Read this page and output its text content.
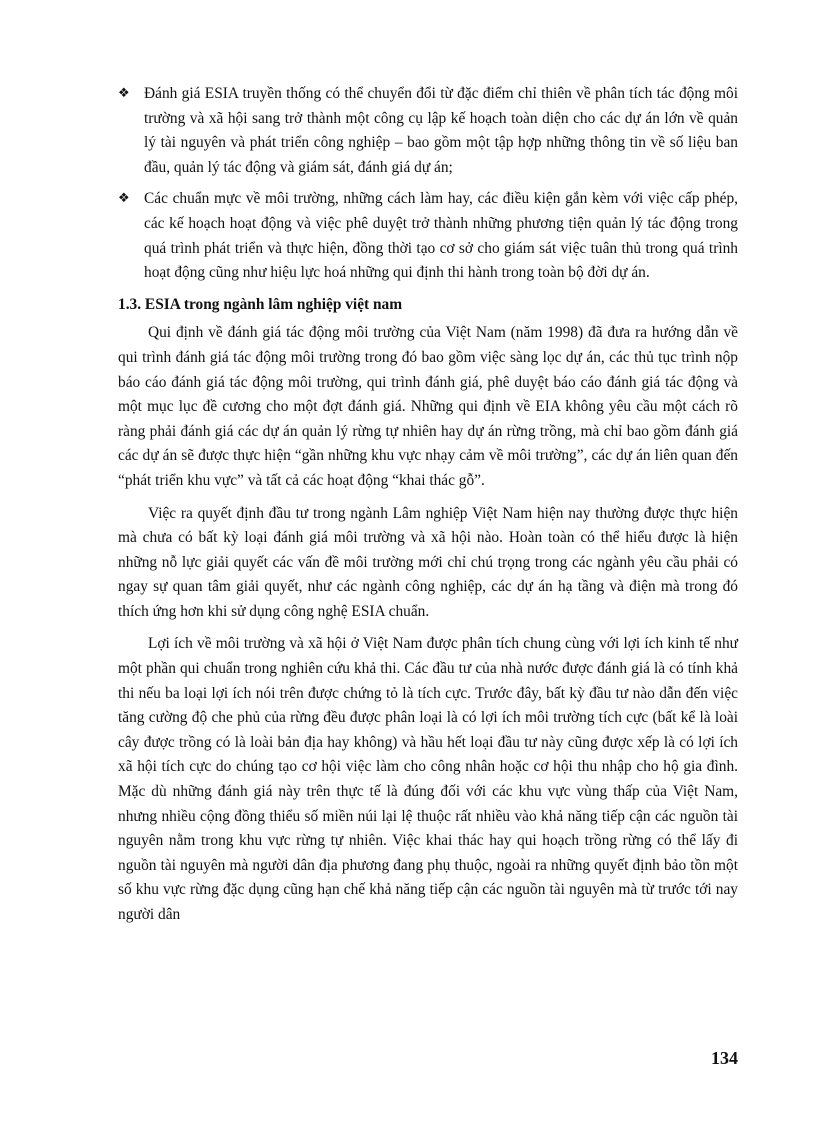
❖ Đánh giá ESIA truyền thống có thể chuyển đổi từ đặc điểm chỉ thiên về phân tích tác động môi trường và xã hội sang trở thành một công cụ lập kế hoạch toàn diện cho các dự án lớn về quản lý tài nguyên và phát triển công nghiệp – bao gồm một tập hợp những thông tin về số liệu ban đầu, quản lý tác động và giám sát, đánh giá dự án;
❖ Các chuẩn mực về môi trường, những cách làm hay, các điều kiện gắn kèm với việc cấp phép, các kế hoạch hoạt động và việc phê duyệt trở thành những phương tiện quản lý tác động trong quá trình phát triển và thực hiện, đồng thời tạo cơ sở cho giám sát việc tuân thủ trong quá trình hoạt động cũng như hiệu lực hoá những qui định thi hành trong toàn bộ đời dự án.
1.3. ESIA trong ngành lâm nghiệp việt nam

Qui định về đánh giá tác động môi trường của Việt Nam (năm 1998) đã đưa ra hướng dẫn về qui trình đánh giá tác động môi trường trong đó bao gồm việc sàng lọc dự án, các thủ tục trình nộp báo cáo đánh giá tác động môi trường, qui trình đánh giá, phê duyệt báo cáo đánh giá tác động và một mục lục đề cương cho một đợt đánh giá. Những qui định về EIA không yêu cầu một cách rõ ràng phải đánh giá các dự án quản lý rừng tự nhiên hay dự án rừng trồng, mà chỉ bao gồm đánh giá các dự án sẽ được thực hiện “gần những khu vực nhạy cảm về môi trường”, các dự án liên quan đến “phát triển khu vực” và tất cả các hoạt động “khai thác gỗ”.

Việc ra quyết định đầu tư trong ngành Lâm nghiệp Việt Nam hiện nay thường được thực hiện mà chưa có bất kỳ loại đánh giá môi trường và xã hội nào. Hoàn toàn có thể hiểu được là hiện những nỗ lực giải quyết các vấn đề môi trường mới chỉ chú trọng trong các ngành yêu cầu phải có ngay sự quan tâm giải quyết, như các ngành công nghiệp, các dự án hạ tầng và điện mà trong đó thích ứng hơn khi sử dụng công nghệ ESIA chuẩn.

Lợi ích về môi trường và xã hội ở Việt Nam được phân tích chung cùng với lợi ích kinh tế như một phần qui chuẩn trong nghiên cứu khả thi. Các đầu tư của nhà nước được đánh giá là có tính khả thi nếu ba loại lợi ích nói trên được chứng tỏ là tích cực. Trước đây, bất kỳ đầu tư nào dẫn đến việc tăng cường độ che phủ của rừng đều được phân loại là có lợi ích môi trường tích cực (bất kể là loài cây được trồng có là loài bản địa hay không) và hầu hết loại đầu tư này cũng được xếp là có lợi ích xã hội tích cực do chúng tạo cơ hội việc làm cho công nhân hoặc cơ hội thu nhập cho hộ gia đình. Mặc dù những đánh giá này trên thực tế là đúng đối với các khu vực vùng thấp của Việt Nam, nhưng nhiều cộng đồng thiểu số miền núi lại lệ thuộc rất nhiều vào khả năng tiếp cận các nguồn tài nguyên nằm trong khu vực rừng tự nhiên. Việc khai thác hay qui hoạch trồng rừng có thể lấy đi nguồn tài nguyên mà người dân địa phương đang phụ thuộc, ngoài ra những quyết định bảo tồn một số khu vực rừng đặc dụng cũng hạn chế khả năng tiếp cận các nguồn tài nguyên mà từ trước tới nay người dân

134
